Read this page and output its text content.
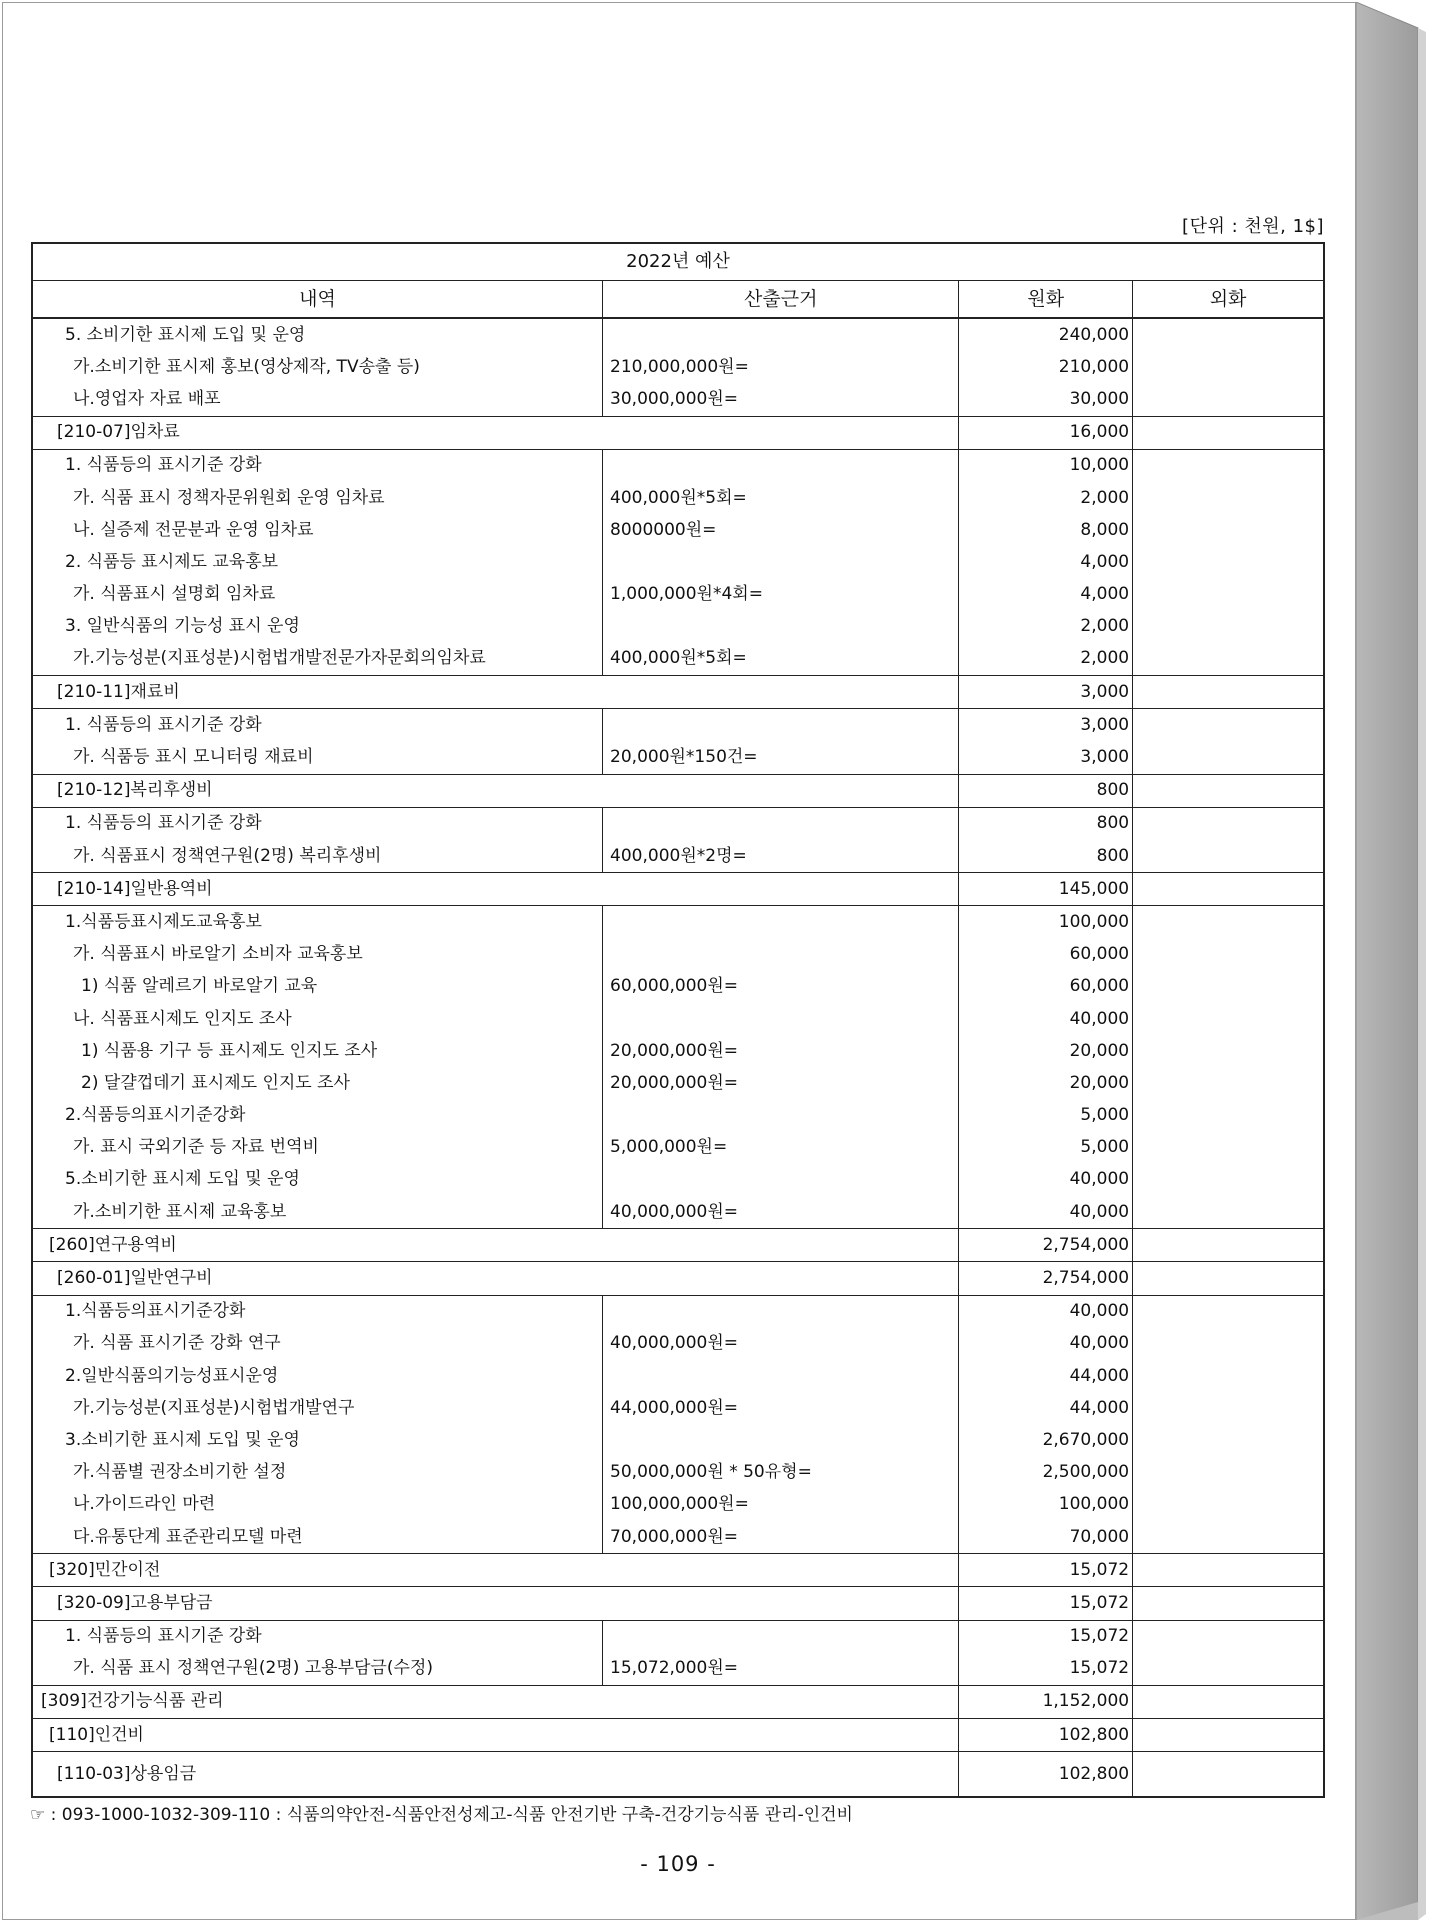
[단위 : 천원, 1$]
2022년 예산			
내역	산출근거	원화	외화
5. 소비기한 표시제 도입 및 운영		240,000	
가.소비기한 표시제 홍보(영상제작, TV송출 등)	210,000,000원=	210,000	
나.영업자 자료 배포	30,000,000원=	30,000	
[210-07]임차료		16,000	
1. 식품등의 표시기준 강화		10,000	
가. 식품 표시 정책자문위원회 운영 임차료	400,000원*5회=	2,000	
나. 실증제 전문분과 운영 임차료	8000000원=	8,000	
2. 식품등 표시제도 교육홍보		4,000	
가. 식품표시 설명회 임차료	1,000,000원*4회=	4,000	
3. 일반식품의 기능성 표시 운영		2,000	
가.기능성분(지표성분)시험법개발전문가자문회의임차료	400,000원*5회=	2,000	
[210-11]재료비		3,000	
1. 식품등의 표시기준 강화		3,000	
가. 식품등 표시 모니터링 재료비	20,000원*150건=	3,000	
[210-12]복리후생비		800	
1. 식품등의 표시기준 강화		800	
가. 식품표시 정책연구원(2명) 복리후생비	400,000원*2명=	800	
[210-14]일반용역비		145,000	
1.식품등표시제도교육홍보		100,000	
가. 식품표시 바로알기 소비자 교육홍보		60,000	
1) 식품 알레르기 바로알기 교육	60,000,000원=	60,000	
나. 식품표시제도 인지도 조사		40,000	
1) 식품용 기구 등 표시제도 인지도 조사	20,000,000원=	20,000	
2) 달걀껍데기 표시제도 인지도 조사	20,000,000원=	20,000	
2.식품등의표시기준강화		5,000	
가. 표시 국외기준 등 자료 번역비	5,000,000원=	5,000	
5.소비기한 표시제 도입 및 운영		40,000	
가.소비기한 표시제 교육홍보	40,000,000원=	40,000	
[260]연구용역비		2,754,000	
[260-01]일반연구비		2,754,000	
1.식품등의표시기준강화		40,000	
가. 식품 표시기준 강화 연구	40,000,000원=	40,000	
2.일반식품의기능성표시운영		44,000	
가.기능성분(지표성분)시험법개발연구	44,000,000원=	44,000	
3.소비기한 표시제 도입 및 운영		2,670,000	
가.식품별 권장소비기한 설정	50,000,000원 * 50유형=	2,500,000	
나.가이드라인 마련	100,000,000원=	100,000	
다.유통단계 표준관리모델 마련	70,000,000원=	70,000	
[320]민간이전		15,072	
[320-09]고용부담금		15,072	
1. 식품등의 표시기준 강화		15,072	
가. 식품 표시 정책연구원(2명) 고용부담금(수정)	15,072,000원=	15,072	
[309]건강기능식품 관리		1,152,000	
[110]인건비		102,800	
[110-03]상용임금		102,800	
☞ : 093-1000-1032-309-110 : 식품의약안전-식품안전성제고-식품 안전기반 구축-건강기능식품 관리-인건비
- 109 -
